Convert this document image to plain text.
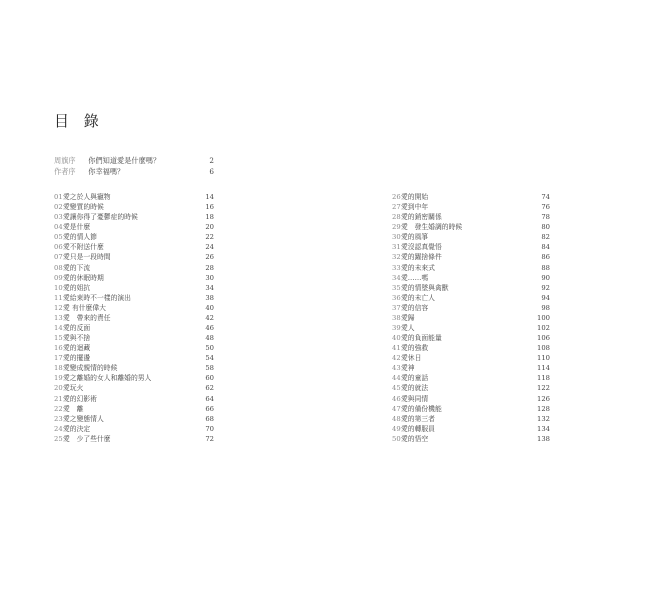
目 錄
周旗序 你們知道愛是什麼嗎？	2
作者序 你幸福嗎？	6
01愛之於人與寵物	14
02愛變質的時候	16
03愛讓你得了憂鬱症的時候	18
04愛是什麼	20
05愛的情人節	22
06愛不附送什麼	24
07愛只是一段時間	26
08愛的下流	28
09愛的休眠時期	30
10愛的姐抗	34
11愛給束時不一樣的演出	38
12愛 有什麼偉大	40
13愛　帶來的責任	42
14愛的反面	46
15愛與不捨	48
16愛的迴藏	50
17愛的擺盪	54
18愛變成親情的時候	58
19愛之離婚的女人和離婚的男人	60
20愛玩火	62
21愛的幻影術	64
22愛　離	66
23愛之變態情人	68
24愛的決定	70
25愛　少了些什麼	72
26愛的開始	74
27愛到中年	76
28愛的銷密關係	78
29愛　發生婚調的時候	80
30愛的風箏	82
31愛沒認真覺悟	84
32愛的躍捨條件	86
33愛的未來式	88
34愛……嗎	90
35愛的情墜與禽獸	92
36愛的未亡人	94
37愛的信容	98
38愛歸	100
39愛人	102
40愛的負面能量	106
41愛的強救	108
42愛休日	110
43愛神	114
44愛的童話	118
45愛的就法	122
46愛與同情	126
47愛的備份機能	128
48愛的第三者	132
49愛的轉服員	134
50愛的悟空	138
